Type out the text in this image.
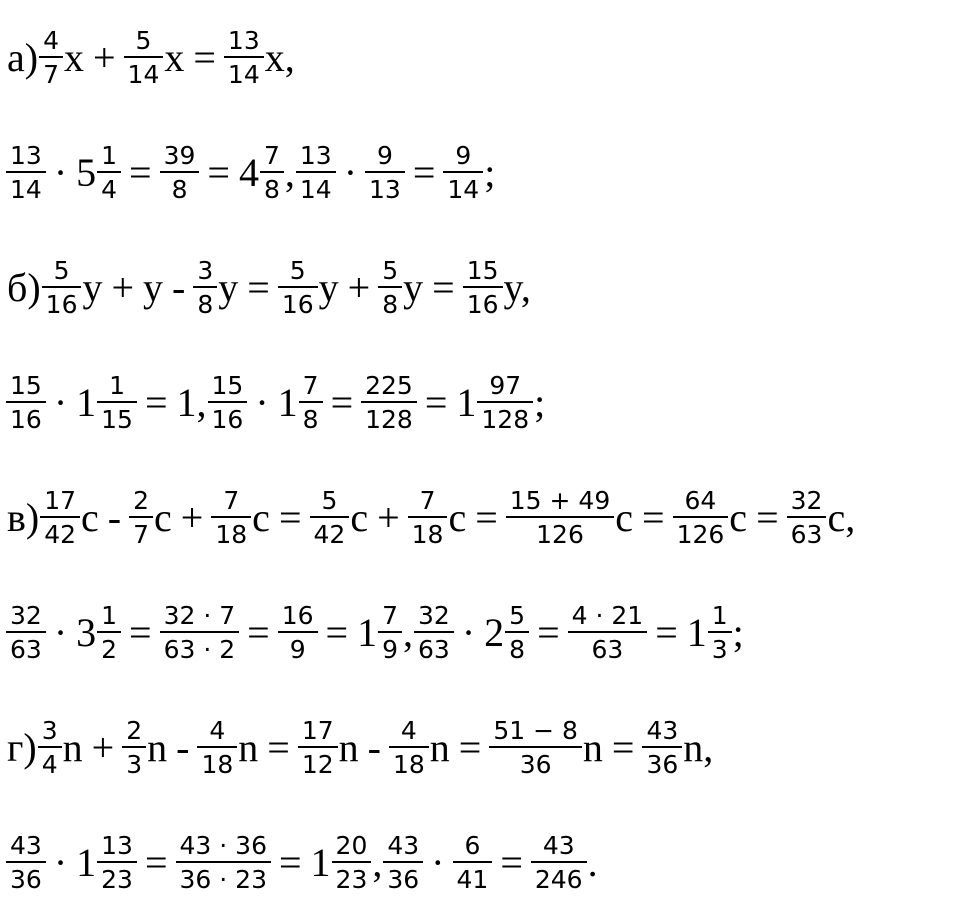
$а) \frac{4}{7}$ $x + \frac{5}{14}$ $x = \frac{13}{14} x$,
$\frac{13}{14} \cdot 5 \frac{1}{4} = \frac{39}{8} = 4 \frac{7}{8}$ , $\frac{13}{14} \cdot \frac{9}{13} = \frac{9}{14}$ ;
$б) \frac{5}{16}$ $y + y - \frac{3}{8}$ $y = \frac{5}{16}$ $y + \frac{5}{8}$ $y = \frac{15}{16} y$,
$\frac{15}{16} \cdot 1 \frac{1}{15} = 1$, $\frac{15}{16} \cdot 1 \frac{7}{8} = \frac{225}{128} = 1 \frac{97}{128}$ ;
$в) \frac{17}{42}$ c - $\frac{2}{7}$ $c + \frac{7}{18}$ $c = \frac{5}{42}$ $c + \frac{7}{18}$ $c = \frac{15 + 49}{126}$ $c = \frac{64}{126}$ $c = \frac{32}{63} c$,
$\frac{32}{63} \cdot 3 \frac{1}{2} = \frac{32 \cdot 7}{63 \cdot 2} = \frac{16}{9} = 1 \frac{7}{9}$ , $\frac{32}{63} \cdot 2 \frac{5}{8} = \frac{4 \cdot 21}{63} = 1 \frac{1}{3}$ ;
$г) \frac{3}{4}$ $n + \frac{2}{3}$ n - $\frac{4}{18}$ $n = \frac{17}{12}$ n - $\frac{4}{18}$ $n = \frac{51 - 8}{36}$ $n = \frac{43}{36} n$,
$\frac{43}{36} \cdot 1 \frac{13}{23} = \frac{43 \cdot 36}{36 \cdot 23} = 1 \frac{20}{23}$ , $\frac{43}{36} \cdot \frac{6}{41} = \frac{43}{246}$ .
